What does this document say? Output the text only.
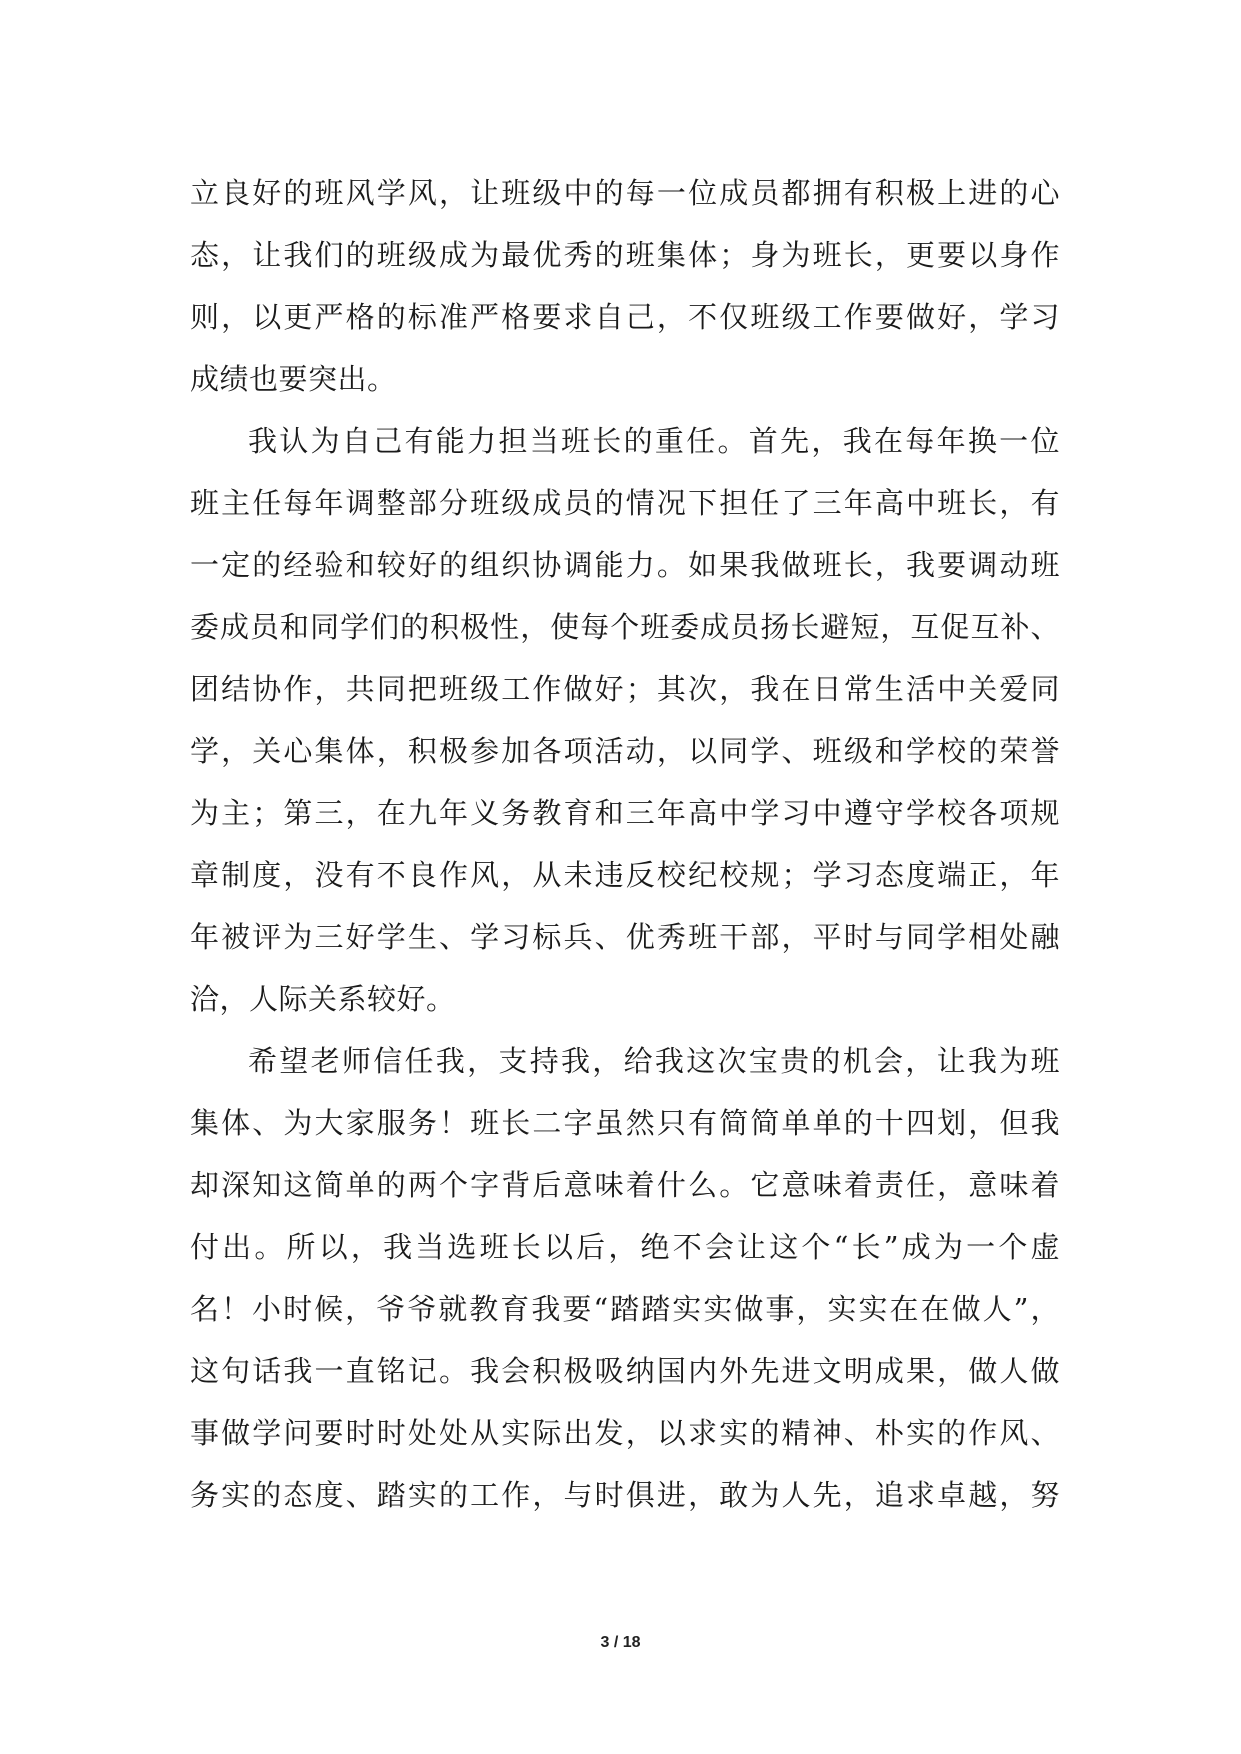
立良好的班风学风，让班级中的每一位成员都拥有积极上进的心
态，让我们的班级成为最优秀的班集体；身为班长，更要以身作
则，以更严格的标准严格要求自己，不仅班级工作要做好，学习
成绩也要突出。
我认为自己有能力担当班长的重任。首先，我在每年换一位
班主任每年调整部分班级成员的情况下担任了三年高中班长，有
一定的经验和较好的组织协调能力。如果我做班长，我要调动班
委成员和同学们的积极性，使每个班委成员扬长避短，互促互补、
团结协作，共同把班级工作做好；其次，我在日常生活中关爱同
学，关心集体，积极参加各项活动，以同学、班级和学校的荣誉
为主；第三，在九年义务教育和三年高中学习中遵守学校各项规
章制度，没有不良作风，从未违反校纪校规；学习态度端正，年
年被评为三好学生、学习标兵、优秀班干部，平时与同学相处融
洽，人际关系较好。
希望老师信任我，支持我，给我这次宝贵的机会，让我为班
集体、为大家服务！班长二字虽然只有简简单单的十四划，但我
却深知这简单的两个字背后意味着什么。它意味着责任，意味着
付出。所以，我当选班长以后，绝不会让这个“长”成为一个虚
名！小时候，爷爷就教育我要“踏踏实实做事，实实在在做人”，
这句话我一直铭记。我会积极吸纳国内外先进文明成果，做人做
事做学问要时时处处从实际出发，以求实的精神、朴实的作风、
务实的态度、踏实的工作，与时俱进，敢为人先，追求卓越，努
3 / 18
